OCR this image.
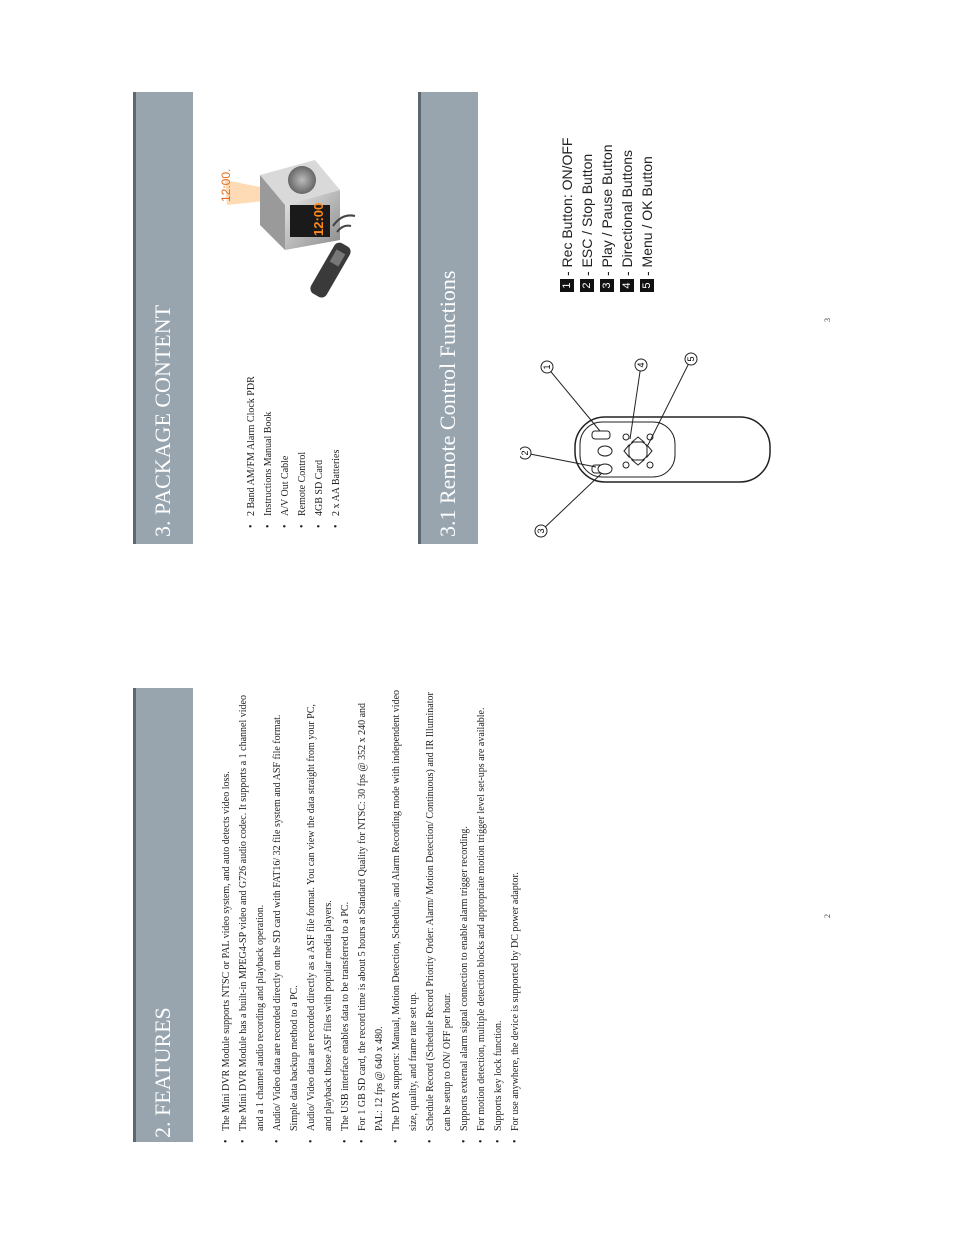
2. FEATURES	• The Mini DVR Module supports NTSC or PAL video system, and auto detects video loss. • The Mini DVR Module has a built-in MPEG4-SP video and G726 audio codec. It supports a 1 channel video and a 1 channel audio recording and playback operation. • Audio/ Video data are recorded directly on the SD card with FAT16/ 32 file system and ASF file format. Simple data backup method to a PC. • Audio/ Video data are recorded directly as a ASF file format. You can view the data straight from your PC, and playback those ASF files with popular media players. • The USB interface enables data to be transferred to a PC. • For 1 GB SD card, the record time is about 5 hours at Standard Quality for NTSC: 30 fps @ 352 x 240 and PAL: 12 fps @ 640 x 480. • The DVR supports: Manual, Motion Detection, Schedule, and Alarm Recording mode with independent video size, quality, and frame rate set up. • Schedule Record (Schedule Record Priority Order: Alarm/ Motion Detection/ Continuous) and IR Illuminator can be setup to ON/ OFF per hour. • Supports external alarm signal connection to enable alarm trigger recording. • For motion detection, multiple detection blocks and appropriate motion trigger level set-ups are available. • Supports key lock function. • For use anywhere, the device is supported by DC power adaptor.	2
3. PACKAGE CONTENT	• 2 Band AM/FM Alarm Clock PDR • Instructions Manual Book • A/V Out Cable • Remote Control • 4GB SD Card • 2 x AA Batteries
12:00.
12:00
3.1 Remote Control Functions	1
2
3
4
5
1
- Rec Button: ON/OFF
2
- ESC / Stop Button
3
- Play / Pause Button
4
- Directional Buttons
5
- Menu / OK Button
3
